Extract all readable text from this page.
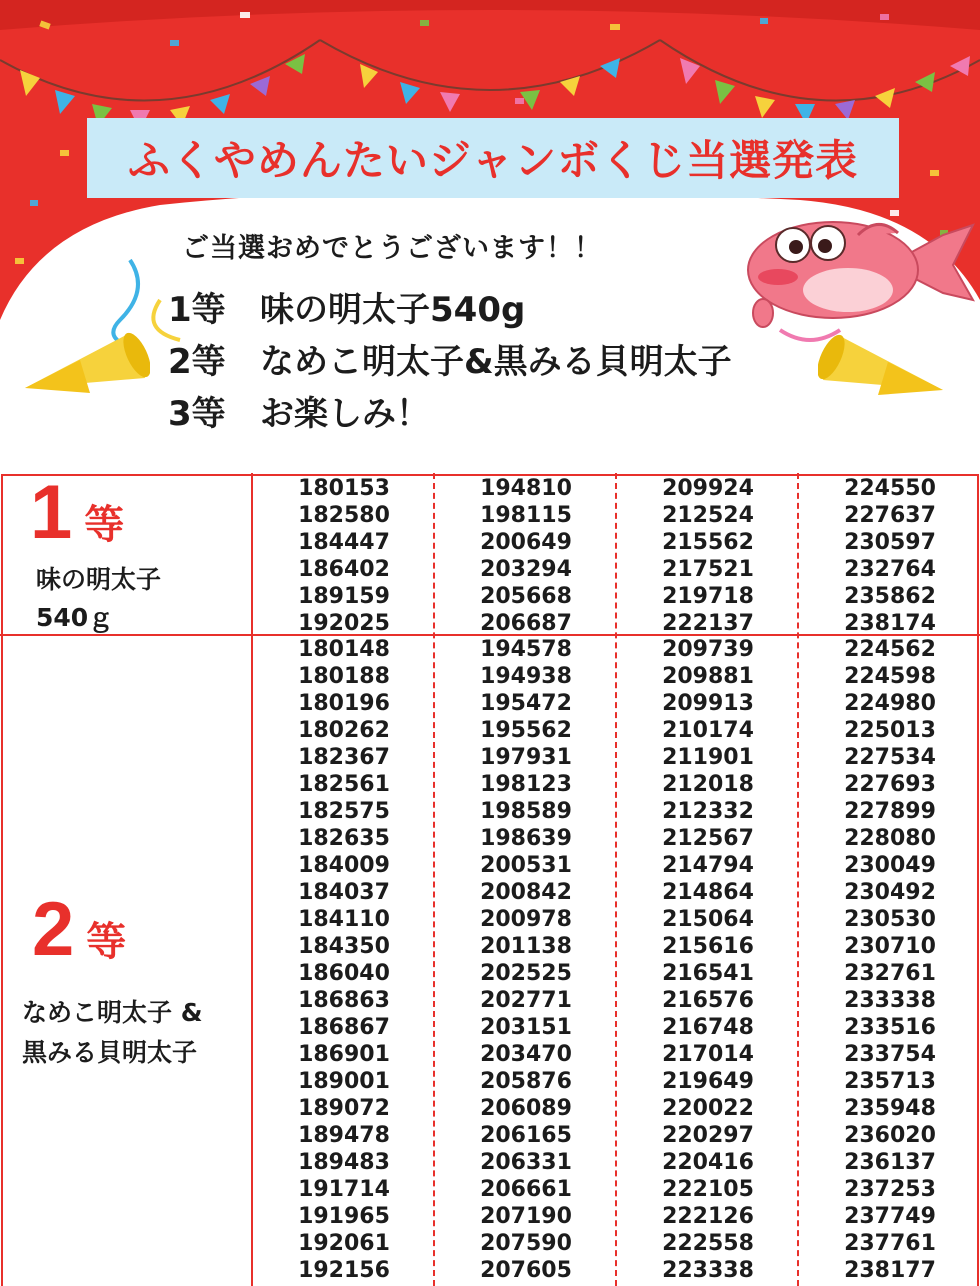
ふくやめんたいジャンボくじ当選発表
ご当選おめでとうございます！！
1等 味の明太子540g
2等 なめこ明太子&黒みる貝明太子
3等 お楽しみ！
1 等
味の明太子
540ｇ
2 等
なめこ明太子 &
黒みる貝明太子
180153
182580
184447
186402
189159
192025
194810
198115
200649
203294
205668
206687
209924
212524
215562
217521
219718
222137
224550
227637
230597
232764
235862
238174
180148
180188
180196
180262
182367
182561
182575
182635
184009
184037
184110
184350
186040
186863
186867
186901
189001
189072
189478
189483
191714
191965
192061
192156
194578
194938
195472
195562
197931
198123
198589
198639
200531
200842
200978
201138
202525
202771
203151
203470
205876
206089
206165
206331
206661
207190
207590
207605
209739
209881
209913
210174
211901
212018
212332
212567
214794
214864
215064
215616
216541
216576
216748
217014
219649
220022
220297
220416
222105
222126
222558
223338
224562
224598
224980
225013
227534
227693
227899
228080
230049
230492
230530
230710
232761
233338
233516
233754
235713
235948
236020
236137
237253
237749
237761
238177
